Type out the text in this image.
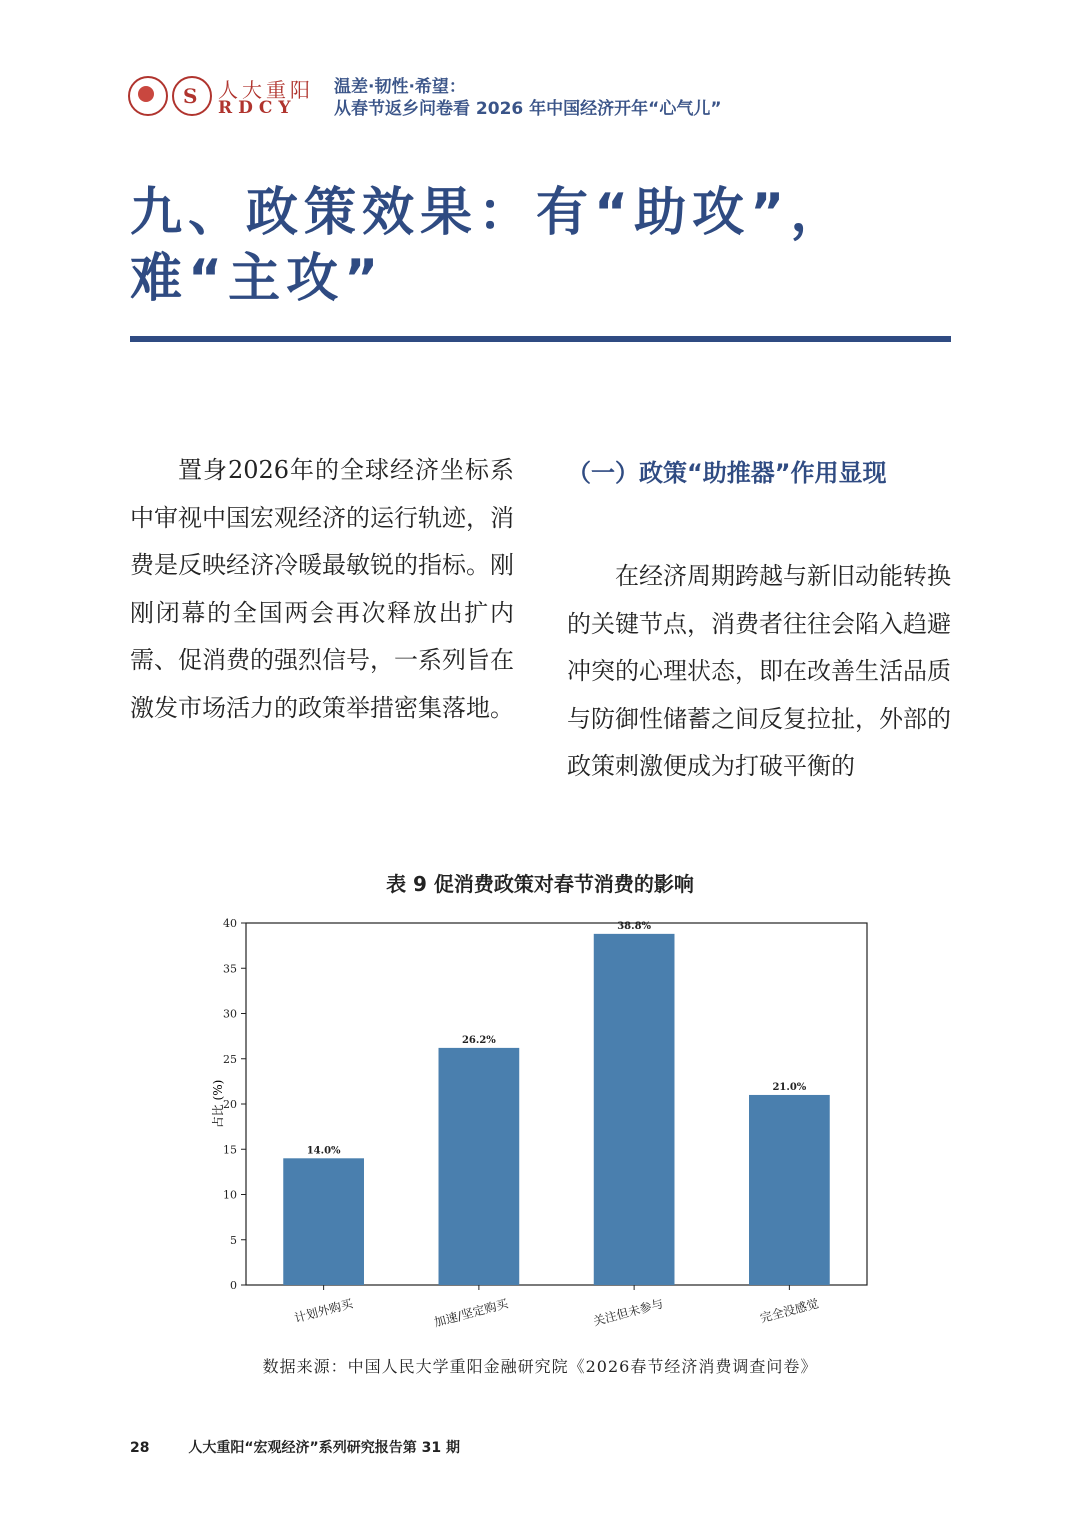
S 人大重阳
RDCY
温差·韧性·希望：
从春节返乡问卷看 2026 年中国经济开年“心气儿”
九、政策效果：有“助攻”，难“主攻”
置身2026年的全球经济坐标系中审视中国宏观经济的运行轨迹，消费是反映经济冷暖最敏锐的指标。刚刚闭幕的全国两会再次释放出扩内需、促消费的强烈信号，一系列旨在激发市场活力的政策举措密集落地。
（一）政策“助推器”作用显现
在经济周期跨越与新旧动能转换的关键节点，消费者往往会陷入趋避冲突的心理状态，即在改善生活品质与防御性储蓄之间反复拉扯，外部的政策刺激便成为打破平衡的
表 9 促消费政策对春节消费的影响
0
5
10
15
20
25
30
35
40
14.0%
计划外购买
26.2%
加速/坚定购买
38.8%
关注但未参与
21.0%
完全没感觉
占比 (%)
数据来源：中国人民大学重阳金融研究院《2026春节经济消费调查问卷》
28	人大重阳“宏观经济”系列研究报告第 31 期
